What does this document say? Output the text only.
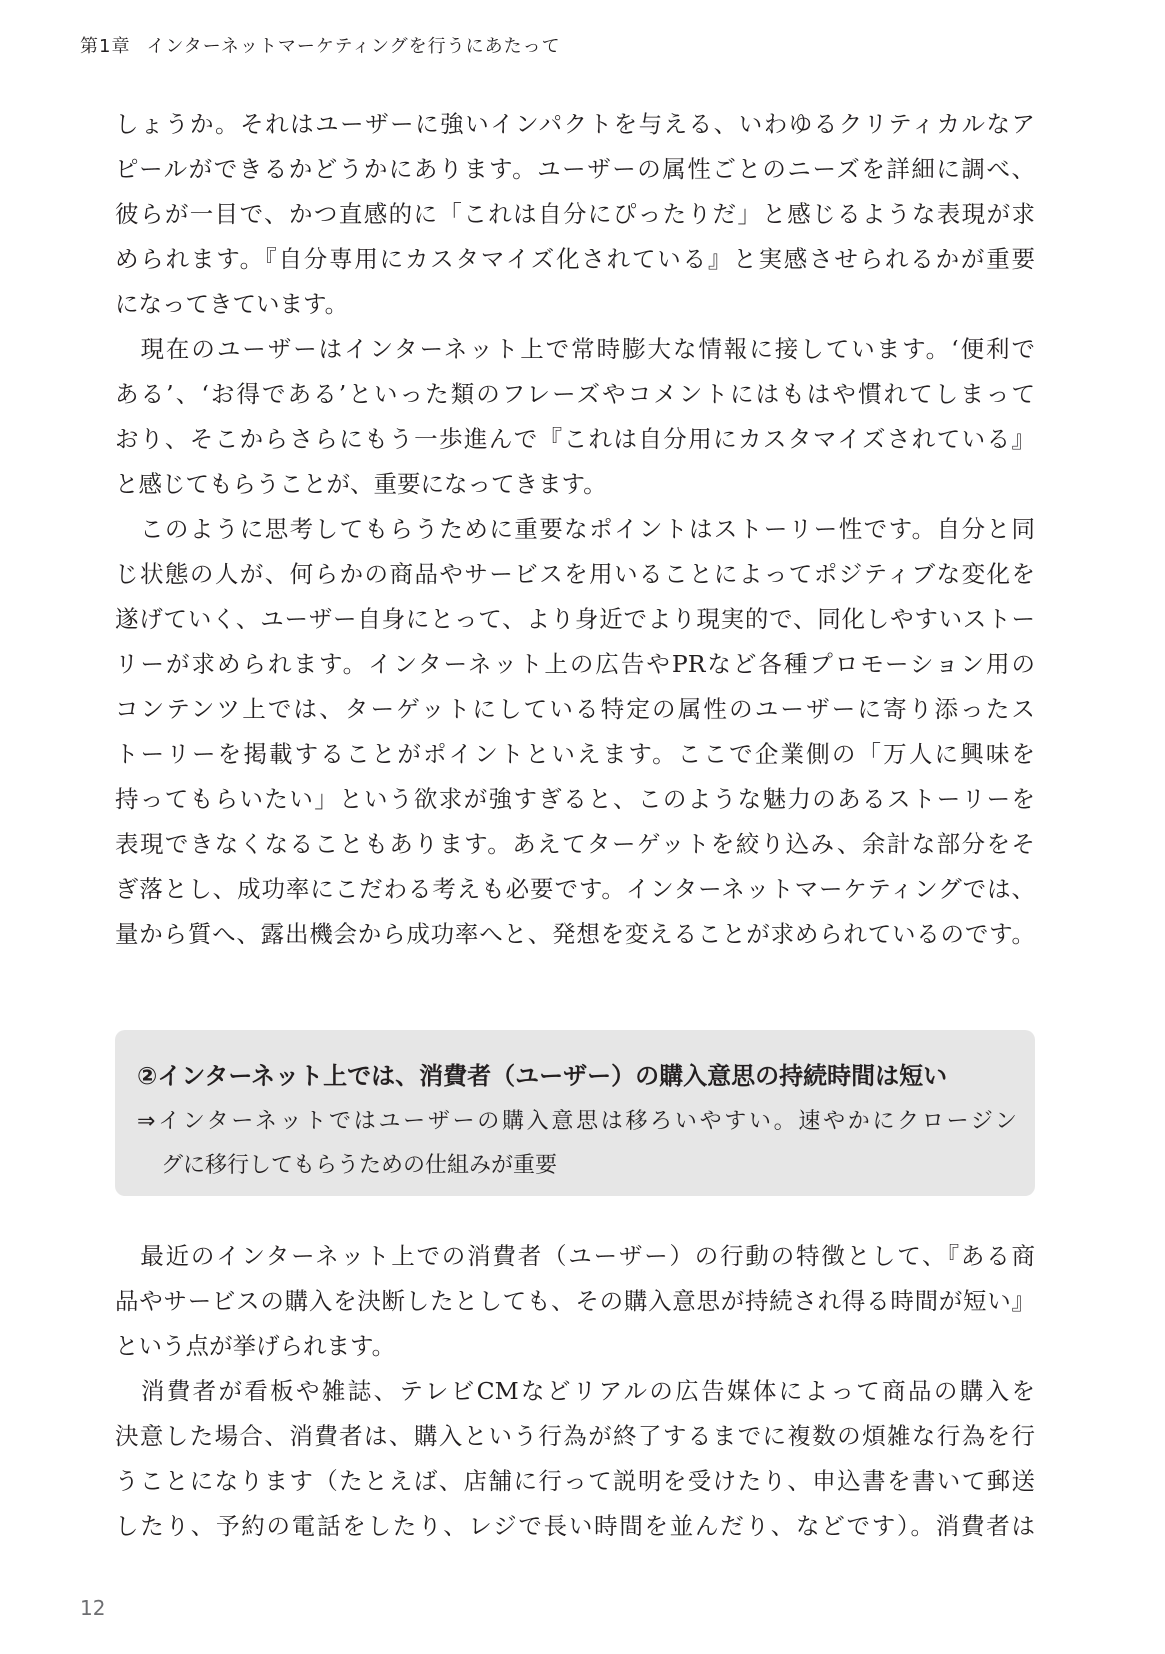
第1章 インターネットマーケティングを行うにあたって
しょうか。それはユーザーに強いインパクトを与える、いわゆるクリティカルなア
ピールができるかどうかにあります。ユーザーの属性ごとのニーズを詳細に調べ、
彼らが一目で、かつ直感的に「これは自分にぴったりだ」と感じるような表現が求
められます。『自分専用にカスタマイズ化されている』と実感させられるかが重要
になってきています。
　現在のユーザーはインターネット上で常時膨大な情報に接しています。‘便利で
ある’、‘お得である’といった類のフレーズやコメントにはもはや慣れてしまって
おり、そこからさらにもう一歩進んで『これは自分用にカスタマイズされている』
と感じてもらうことが、重要になってきます。
　このように思考してもらうために重要なポイントはストーリー性です。自分と同
じ状態の人が、何らかの商品やサービスを用いることによってポジティブな変化を
遂げていく、ユーザー自身にとって、より身近でより現実的で、同化しやすいストー
リーが求められます。インターネット上の広告やPRなど各種プロモーション用の
コンテンツ上では、ターゲットにしている特定の属性のユーザーに寄り添ったス
トーリーを掲載することがポイントといえます。ここで企業側の「万人に興味を
持ってもらいたい」という欲求が強すぎると、このような魅力のあるストーリーを
表現できなくなることもあります。あえてターゲットを絞り込み、余計な部分をそ
ぎ落とし、成功率にこだわる考えも必要です。インターネットマーケティングでは、
量から質へ、露出機会から成功率へと、発想を変えることが求められているのです。
②インターネット上では、消費者（ユーザー）の購入意思の持続時間は短い
⇒インターネットではユーザーの購入意思は移ろいやすい。速やかにクロージン
グに移行してもらうための仕組みが重要
　最近のインターネット上での消費者（ユーザー）の行動の特徴として、『ある商
品やサービスの購入を決断したとしても、その購入意思が持続され得る時間が短い』
という点が挙げられます。
　消費者が看板や雑誌、テレビCMなどリアルの広告媒体によって商品の購入を
決意した場合、消費者は、購入という行為が終了するまでに複数の煩雑な行為を行
うことになります（たとえば、店舗に行って説明を受けたり、申込書を書いて郵送
したり、予約の電話をしたり、レジで長い時間を並んだり、などです）。消費者は
12
